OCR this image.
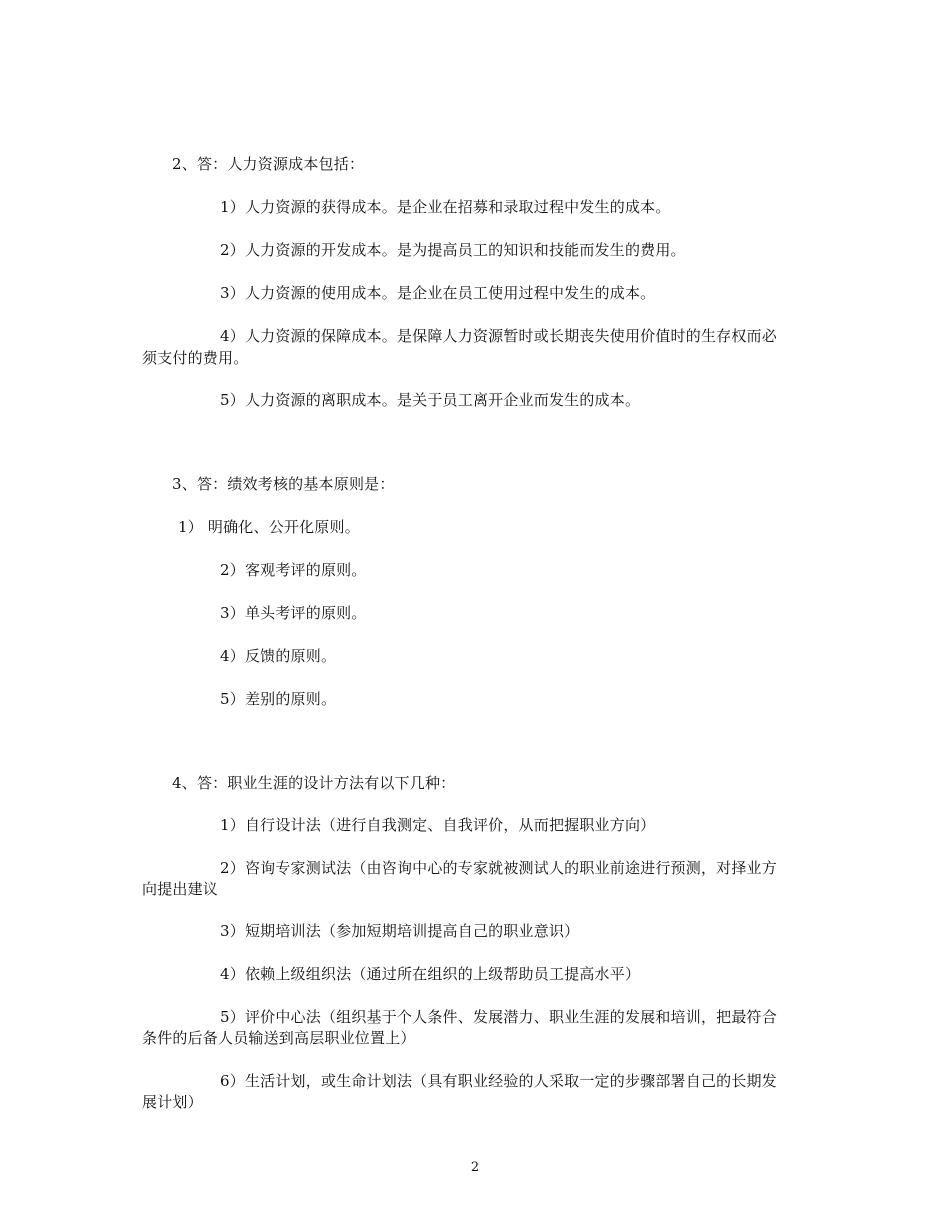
2、答：人力资源成本包括：
1）人力资源的获得成本。是企业在招募和录取过程中发生的成本。
2）人力资源的开发成本。是为提高员工的知识和技能而发生的费用。
3）人力资源的使用成本。是企业在员工使用过程中发生的成本。
4）人力资源的保障成本。是保障人力资源暂时或长期丧失使用价值时的生存权而必
须支付的费用。
5）人力资源的离职成本。是关于员工离开企业而发生的成本。
3、答：绩效考核的基本原则是：
1） 明确化、公开化原则。
2）客观考评的原则。
3）单头考评的原则。
4）反馈的原则。
5）差别的原则。
4、答：职业生涯的设计方法有以下几种：
1）自行设计法（进行自我测定、自我评价，从而把握职业方向）
2）咨询专家测试法（由咨询中心的专家就被测试人的职业前途进行预测，对择业方
向提出建议
3）短期培训法（参加短期培训提高自己的职业意识）
4）依赖上级组织法（通过所在组织的上级帮助员工提高水平）
5）评价中心法（组织基于个人条件、发展潜力、职业生涯的发展和培训，把最符合
条件的后备人员输送到高层职业位置上）
6）生活计划，或生命计划法（具有职业经验的人采取一定的步骤部署自己的长期发
展计划）
2
